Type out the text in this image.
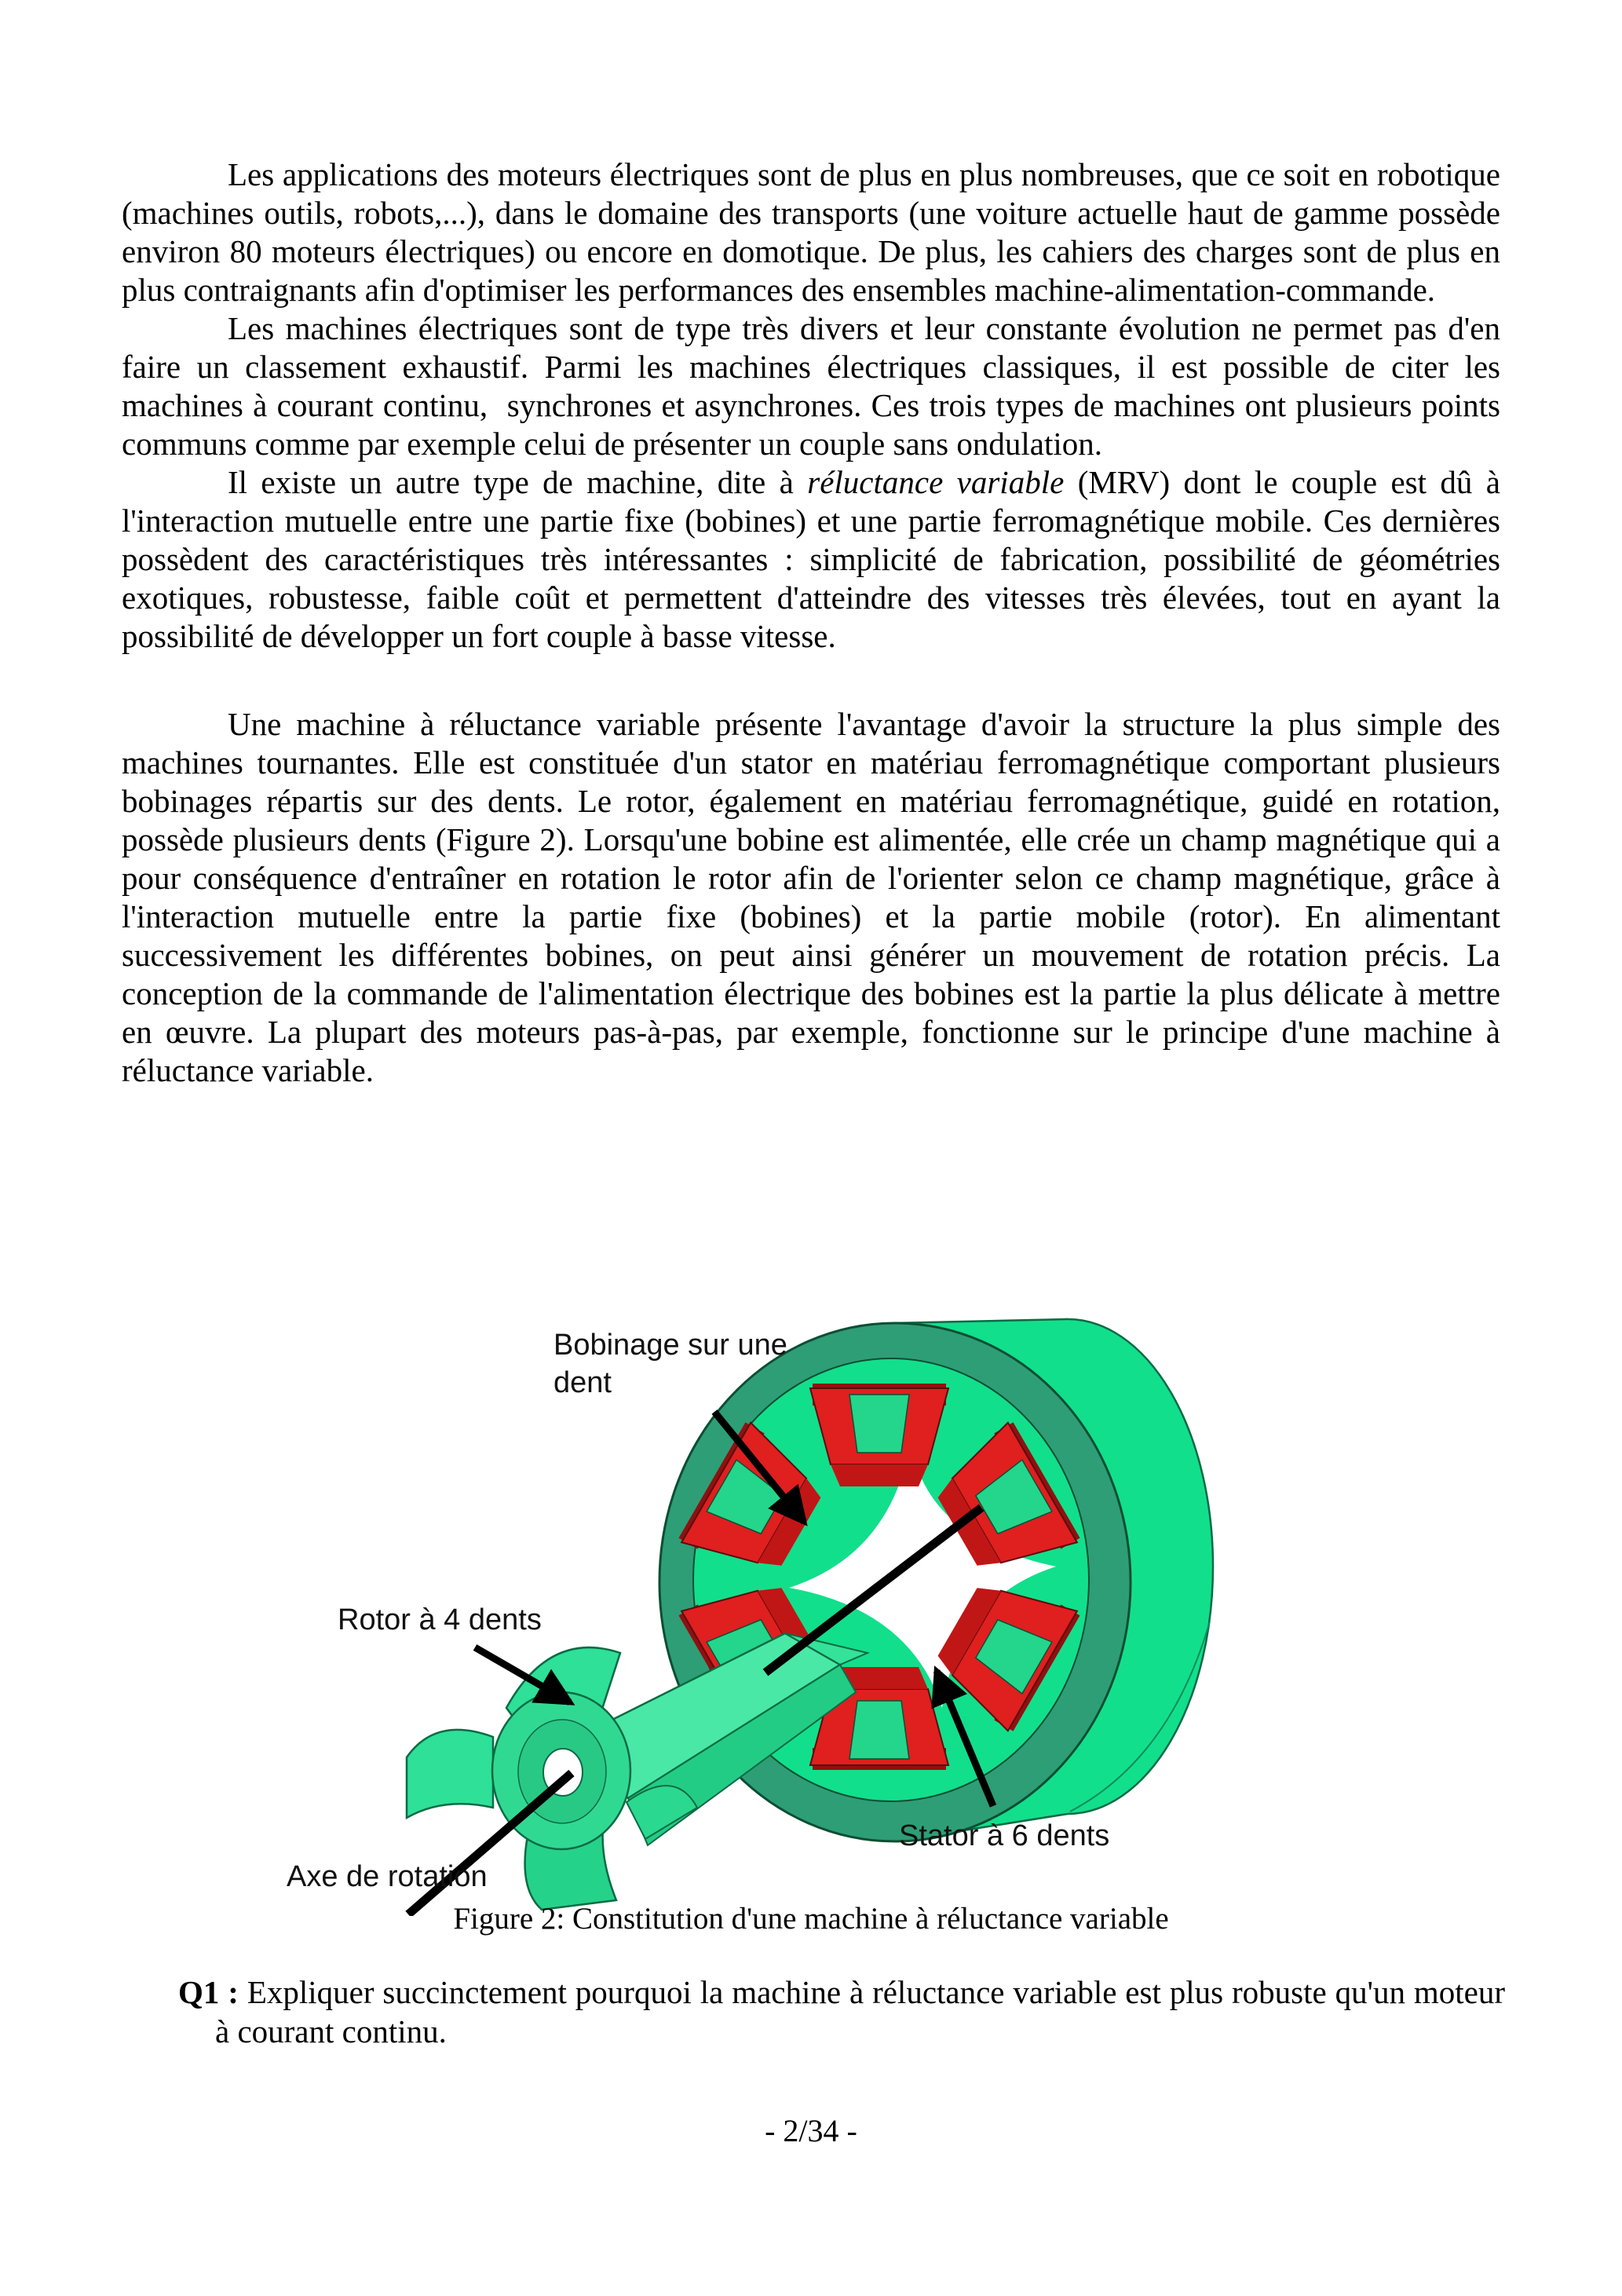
Les applications des moteurs électriques sont de plus en plus nombreuses, que ce soit en robotique (machines outils, robots,...), dans le domaine des transports (une voiture actuelle haut de gamme possède environ 80 moteurs électriques) ou encore en domotique. De plus, les cahiers des charges sont de plus en plus contraignants afin d'optimiser les performances des ensembles machine-alimentation-commande.

Les machines électriques sont de type très divers et leur constante évolution ne permet pas d'en faire un classement exhaustif. Parmi les machines électriques classiques, il est possible de citer les machines à courant continu,  synchrones et asynchrones. Ces trois types de machines ont plusieurs points communs comme par exemple celui de présenter un couple sans ondulation.

Il existe un autre type de machine, dite à réluctance variable (MRV) dont le couple est dû à l'interaction mutuelle entre une partie fixe (bobines) et une partie ferromagnétique mobile. Ces dernières possèdent des caractéristiques très intéressantes : simplicité de fabrication, possibilité de géométries exotiques, robustesse, faible coût et permettent d'atteindre des vitesses très élevées, tout en ayant la possibilité de développer un fort couple à basse vitesse.

Une machine à réluctance variable présente l'avantage d'avoir la structure la plus simple des machines tournantes. Elle est constituée d'un stator en matériau ferromagnétique comportant plusieurs bobinages répartis sur des dents. Le rotor, également en matériau ferromagnétique, guidé en rotation, possède plusieurs dents (Figure 2). Lorsqu'une bobine est alimentée, elle crée un champ magnétique qui a pour conséquence d'entraîner en rotation le rotor afin de l'orienter selon ce champ magnétique, grâce à l'interaction mutuelle entre la partie fixe (bobines) et la partie mobile (rotor). En alimentant successivement les différentes bobines, on peut ainsi générer un mouvement de rotation précis. La conception de la commande de l'alimentation électrique des bobines est la partie la plus délicate à mettre en œuvre. La plupart des moteurs pas-à-pas, par exemple, fonctionne sur le principe d'une machine à réluctance variable.

Bobinage sur une
dent
Rotor à 4 dents
Axe de rotation
Stator à 6 dents
Figure 2: Constitution d'une machine à réluctance variable
Q1 : Expliquer succinctement pourquoi la machine à réluctance variable est plus robuste qu'un moteur à courant continu.
- 2/34 -
